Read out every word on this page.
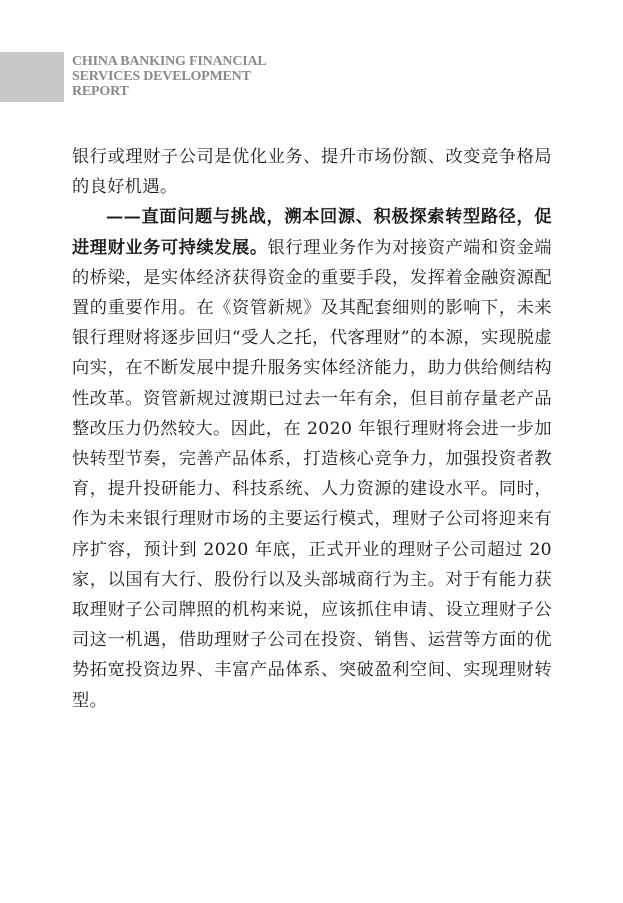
CHINA BANKING FINANCIAL
SERVICES DEVELOPMENT
REPORT

银行或理财子公司是优化业务、提升市场份额、改变竞争格局的良好机遇。

——直面问题与挑战，溯本回源、积极探索转型路径，促进理财业务可持续发展。银行理业务作为对接资产端和资金端的桥梁，是实体经济获得资金的重要手段，发挥着金融资源配置的重要作用。在《资管新规》及其配套细则的影响下，未来银行理财将逐步回归“受人之托，代客理财”的本源，实现脱虚向实，在不断发展中提升服务实体经济能力，助力供给侧结构性改革。资管新规过渡期已过去一年有余，但目前存量老产品整改压力仍然较大。因此，在 2020 年银行理财将会进一步加快转型节奏，完善产品体系，打造核心竞争力，加强投资者教育，提升投研能力、科技系统、人力资源的建设水平。同时，作为未来银行理财市场的主要运行模式，理财子公司将迎来有序扩容，预计到 2020 年底，正式开业的理财子公司超过 20 家，以国有大行、股份行以及头部城商行为主。对于有能力获取理财子公司牌照的机构来说，应该抓住申请、设立理财子公司这一机遇，借助理财子公司在投资、销售、运营等方面的优势拓宽投资边界、丰富产品体系、突破盈利空间、实现理财转型。
